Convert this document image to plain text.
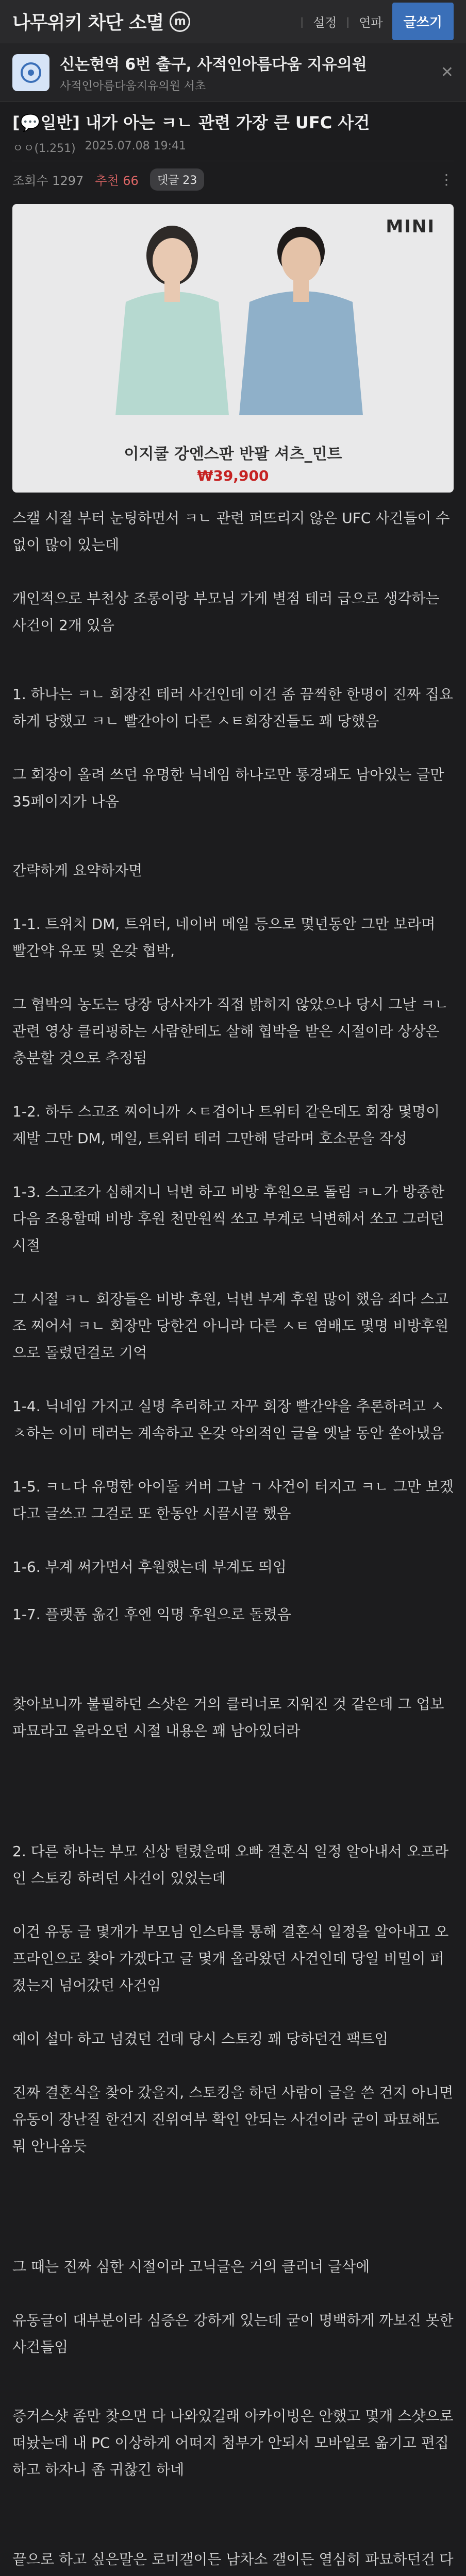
나무위키 차단 소멸 m	| 설정 | 연파	글쓰기
신논현역 6번 출구, 사적인아름다움 지유의원
사적인아름다움지유의원 서초
✕
[💬일반] 내가 아는 ㅋㄴ 관련 가장 큰 UFC 사건
ㅇㅇ(1.251) 2025.07.08 19:41
조회수 1297 추천 66	댓글 23	⋮
MINI
이지쿨 강엔스판 반팔 셔츠_민트
₩39,900

스캘 시절 부터 눈팅하면서 ㅋㄴ 관련 퍼뜨리지 않은 UFC 사건들이 수없이 많이 있는데

개인적으로 부천상 조롱이랑 부모님 가게 별점 테러 급으로 생각하는 사건이 2개 있음

1. 하나는 ㅋㄴ 회장진 테러 사건인데 이건 좀 끔찍한 한명이 진짜 집요하게 당했고 ㅋㄴ 빨간아이 다른 ㅅㅌ회장진들도 꽤 당했음

그 회장이 올려 쓰던 유명한 닉네임 하나로만 통경돼도 남아있는 글만 35페이지가 나옴

간략하게 요약하자면

1-1. 트위치 DM, 트위터, 네이버 메일 등으로 몇년동안 그만 보라며 빨간약 유포 및 온갖 협박,

그 협박의 농도는 당장 당사자가 직접 밝히지 않았으나 당시 그날 ㅋㄴ 관련 영상 클리핑하는 사람한테도 살해 협박을 받은 시절이라 상상은 충분할 것으로 추정됨

1-2. 하두 스고조 찌어니까 ㅅㅌ겹어나 트위터 같은데도 회장 몇명이 제발 그만 DM, 메일, 트위터 테러 그만해 달라며 호소문을 작성

1-3. 스고조가 심해지니 닉변 하고 비방 후원으로 돌림 ㅋㄴ가 방종한다음 조용할때 비방 후원 천만원씩 쏘고 부계로 닉변해서 쏘고 그러던 시절

그 시절 ㅋㄴ 회장들은 비방 후원, 닉변 부계 후원 많이 했음 죄다 스고조 찌어서 ㅋㄴ 회장만 당한건 아니라 다른 ㅅㅌ 염배도 몇명 비방후원으로 돌렸던걸로 기억

1-4. 닉네임 가지고 실명 추리하고 자꾸 회장 빨간약을 추론하려고 ㅅㅊ하는 이미 테러는 계속하고 온갖 악의적인 글을 옛날 동안 쏟아냈음

1-5. ㅋㄴ다 유명한 아이돌 커버 그날 ㄱ 사건이 터지고 ㅋㄴ 그만 보겠다고 글쓰고 그걸로 또 한동안 시끌시끌 했음

1-6. 부계 써가면서 후원했는데 부계도 띄임

1-7. 플랫폼 옮긴 후엔 익명 후원으로 돌렸음

찾아보니까 불필하던 스샷은 거의 클리너로 지워진 것 같은데 그 업보 파묘라고 올라오던 시절 내용은 꽤 남아있더라

2. 다른 하나는 부모 신상 털렸을때 오빠 결혼식 일정 알아내서 오프라인 스토킹 하려던 사건이 있었는데

이건 유동 글 몇개가 부모님 인스타를 통해 결혼식 일정을 알아내고 오프라인으로 찾아 가겠다고 글 몇개 올라왔던 사건인데 당일 비밀이 퍼졌는지 넘어갔던 사건임

예이 설마 하고 넘겼던 건데 당시 스토킹 꽤 당하던건 팩트임

진짜 결혼식을 찾아 갔을지, 스토킹을 하던 사람이 글을 쓴 건지 아니면 유동이 장난질 한건지 진위여부 확인 안되는 사건이라 굳이 파묘해도 뭐 안나옴듯

그 때는 진짜 심한 시절이라 고닉글은 거의 클리너 글삭에

유동글이 대부분이라 심증은 강하게 있는데 굳이 명백하게 까보진 못한 사건들임

증거스샷 좀만 찾으면 다 나와있길래 아카이빙은 안했고 몇개 스샷으로 떠놨는데 내 PC 이상하게 어떠지 첨부가 안되서 모바일로 옮기고 편집하고 하자니 좀 귀찮긴 하네

끝으로 하고 싶은말은 로미갤이든 남차소 갤이든 열심히 파묘하던건 다
